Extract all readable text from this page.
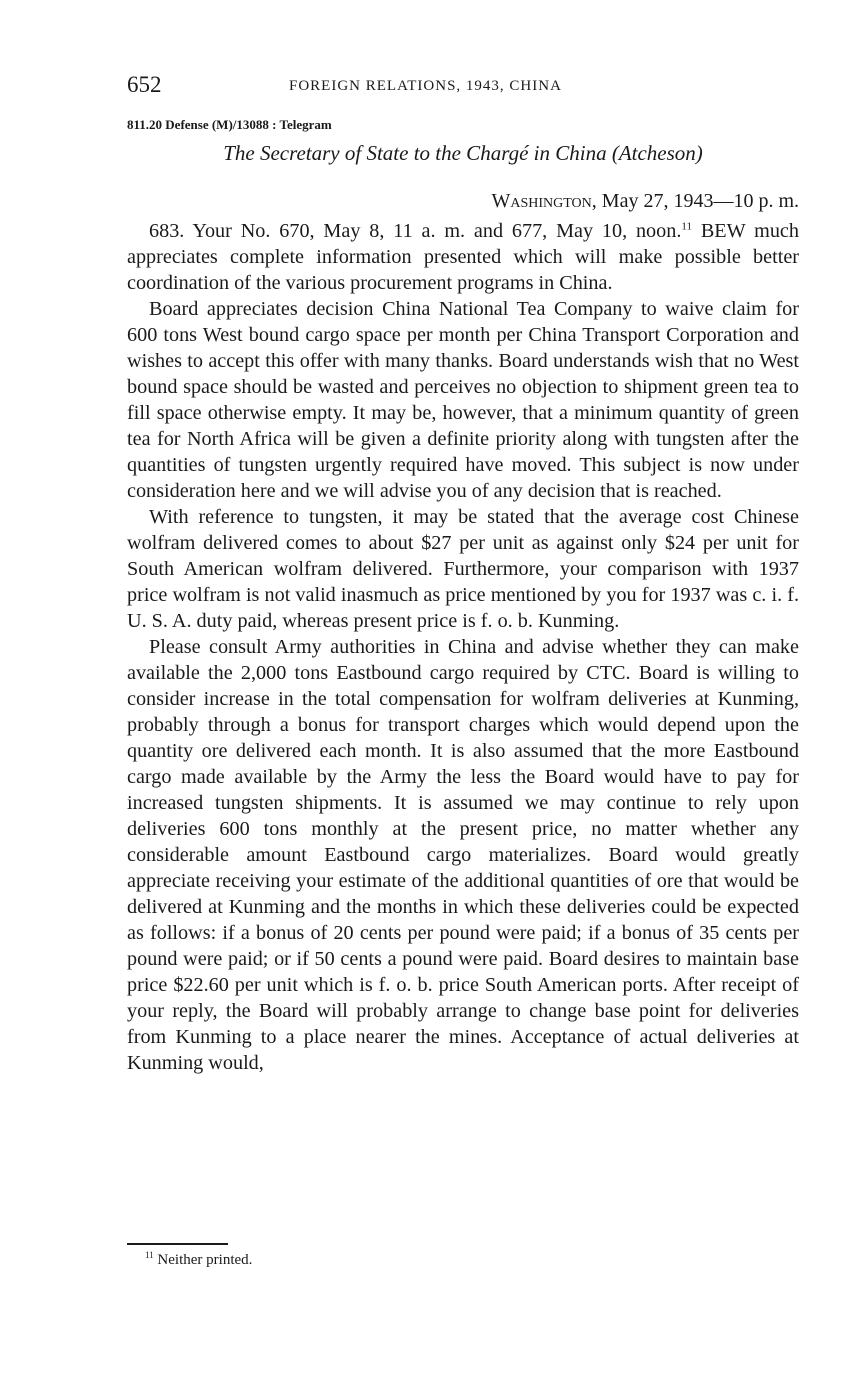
652	FOREIGN RELATIONS, 1943, CHINA
811.20 Defense (M)/13088 : Telegram
The Secretary of State to the Chargé in China (Atcheson)
Washington, May 27, 1943—10 p. m.

683. Your No. 670, May 8, 11 a. m. and 677, May 10, noon.$^{11}$ BEW much appreciates complete information presented which will make possible better coordination of the various procurement programs in China.

Board appreciates decision China National Tea Company to waive claim for 600 tons West bound cargo space per month per China Transport Corporation and wishes to accept this offer with many thanks. Board understands wish that no West bound space should be wasted and perceives no objection to shipment green tea to fill space otherwise empty. It may be, however, that a minimum quantity of green tea for North Africa will be given a definite priority along with tungsten after the quantities of tungsten urgently required have moved. This subject is now under consideration here and we will advise you of any decision that is reached.

With reference to tungsten, it may be stated that the average cost Chinese wolfram delivered comes to about $27 per unit as against only $24 per unit for South American wolfram delivered. Furthermore, your comparison with 1937 price wolfram is not valid inasmuch as price mentioned by you for 1937 was c. i. f. U. S. A. duty paid, whereas present price is f. o. b. Kunming.

Please consult Army authorities in China and advise whether they can make available the 2,000 tons Eastbound cargo required by CTC. Board is willing to consider increase in the total compensation for wolfram deliveries at Kunming, probably through a bonus for transport charges which would depend upon the quantity ore delivered each month. It is also assumed that the more Eastbound cargo made available by the Army the less the Board would have to pay for increased tungsten shipments. It is assumed we may continue to rely upon deliveries 600 tons monthly at the present price, no matter whether any considerable amount Eastbound cargo materializes. Board would greatly appreciate receiving your estimate of the additional quantities of ore that would be delivered at Kunming and the months in which these deliveries could be expected as follows: if a bonus of 20 cents per pound were paid; if a bonus of 35 cents per pound were paid; or if 50 cents a pound were paid. Board desires to maintain base price $22.60 per unit which is f. o. b. price South American ports. After receipt of your reply, the Board will probably arrange to change base point for deliveries from Kunming to a place nearer the mines. Acceptance of actual deliveries at Kunming would,

$^{11}$ Neither printed.
